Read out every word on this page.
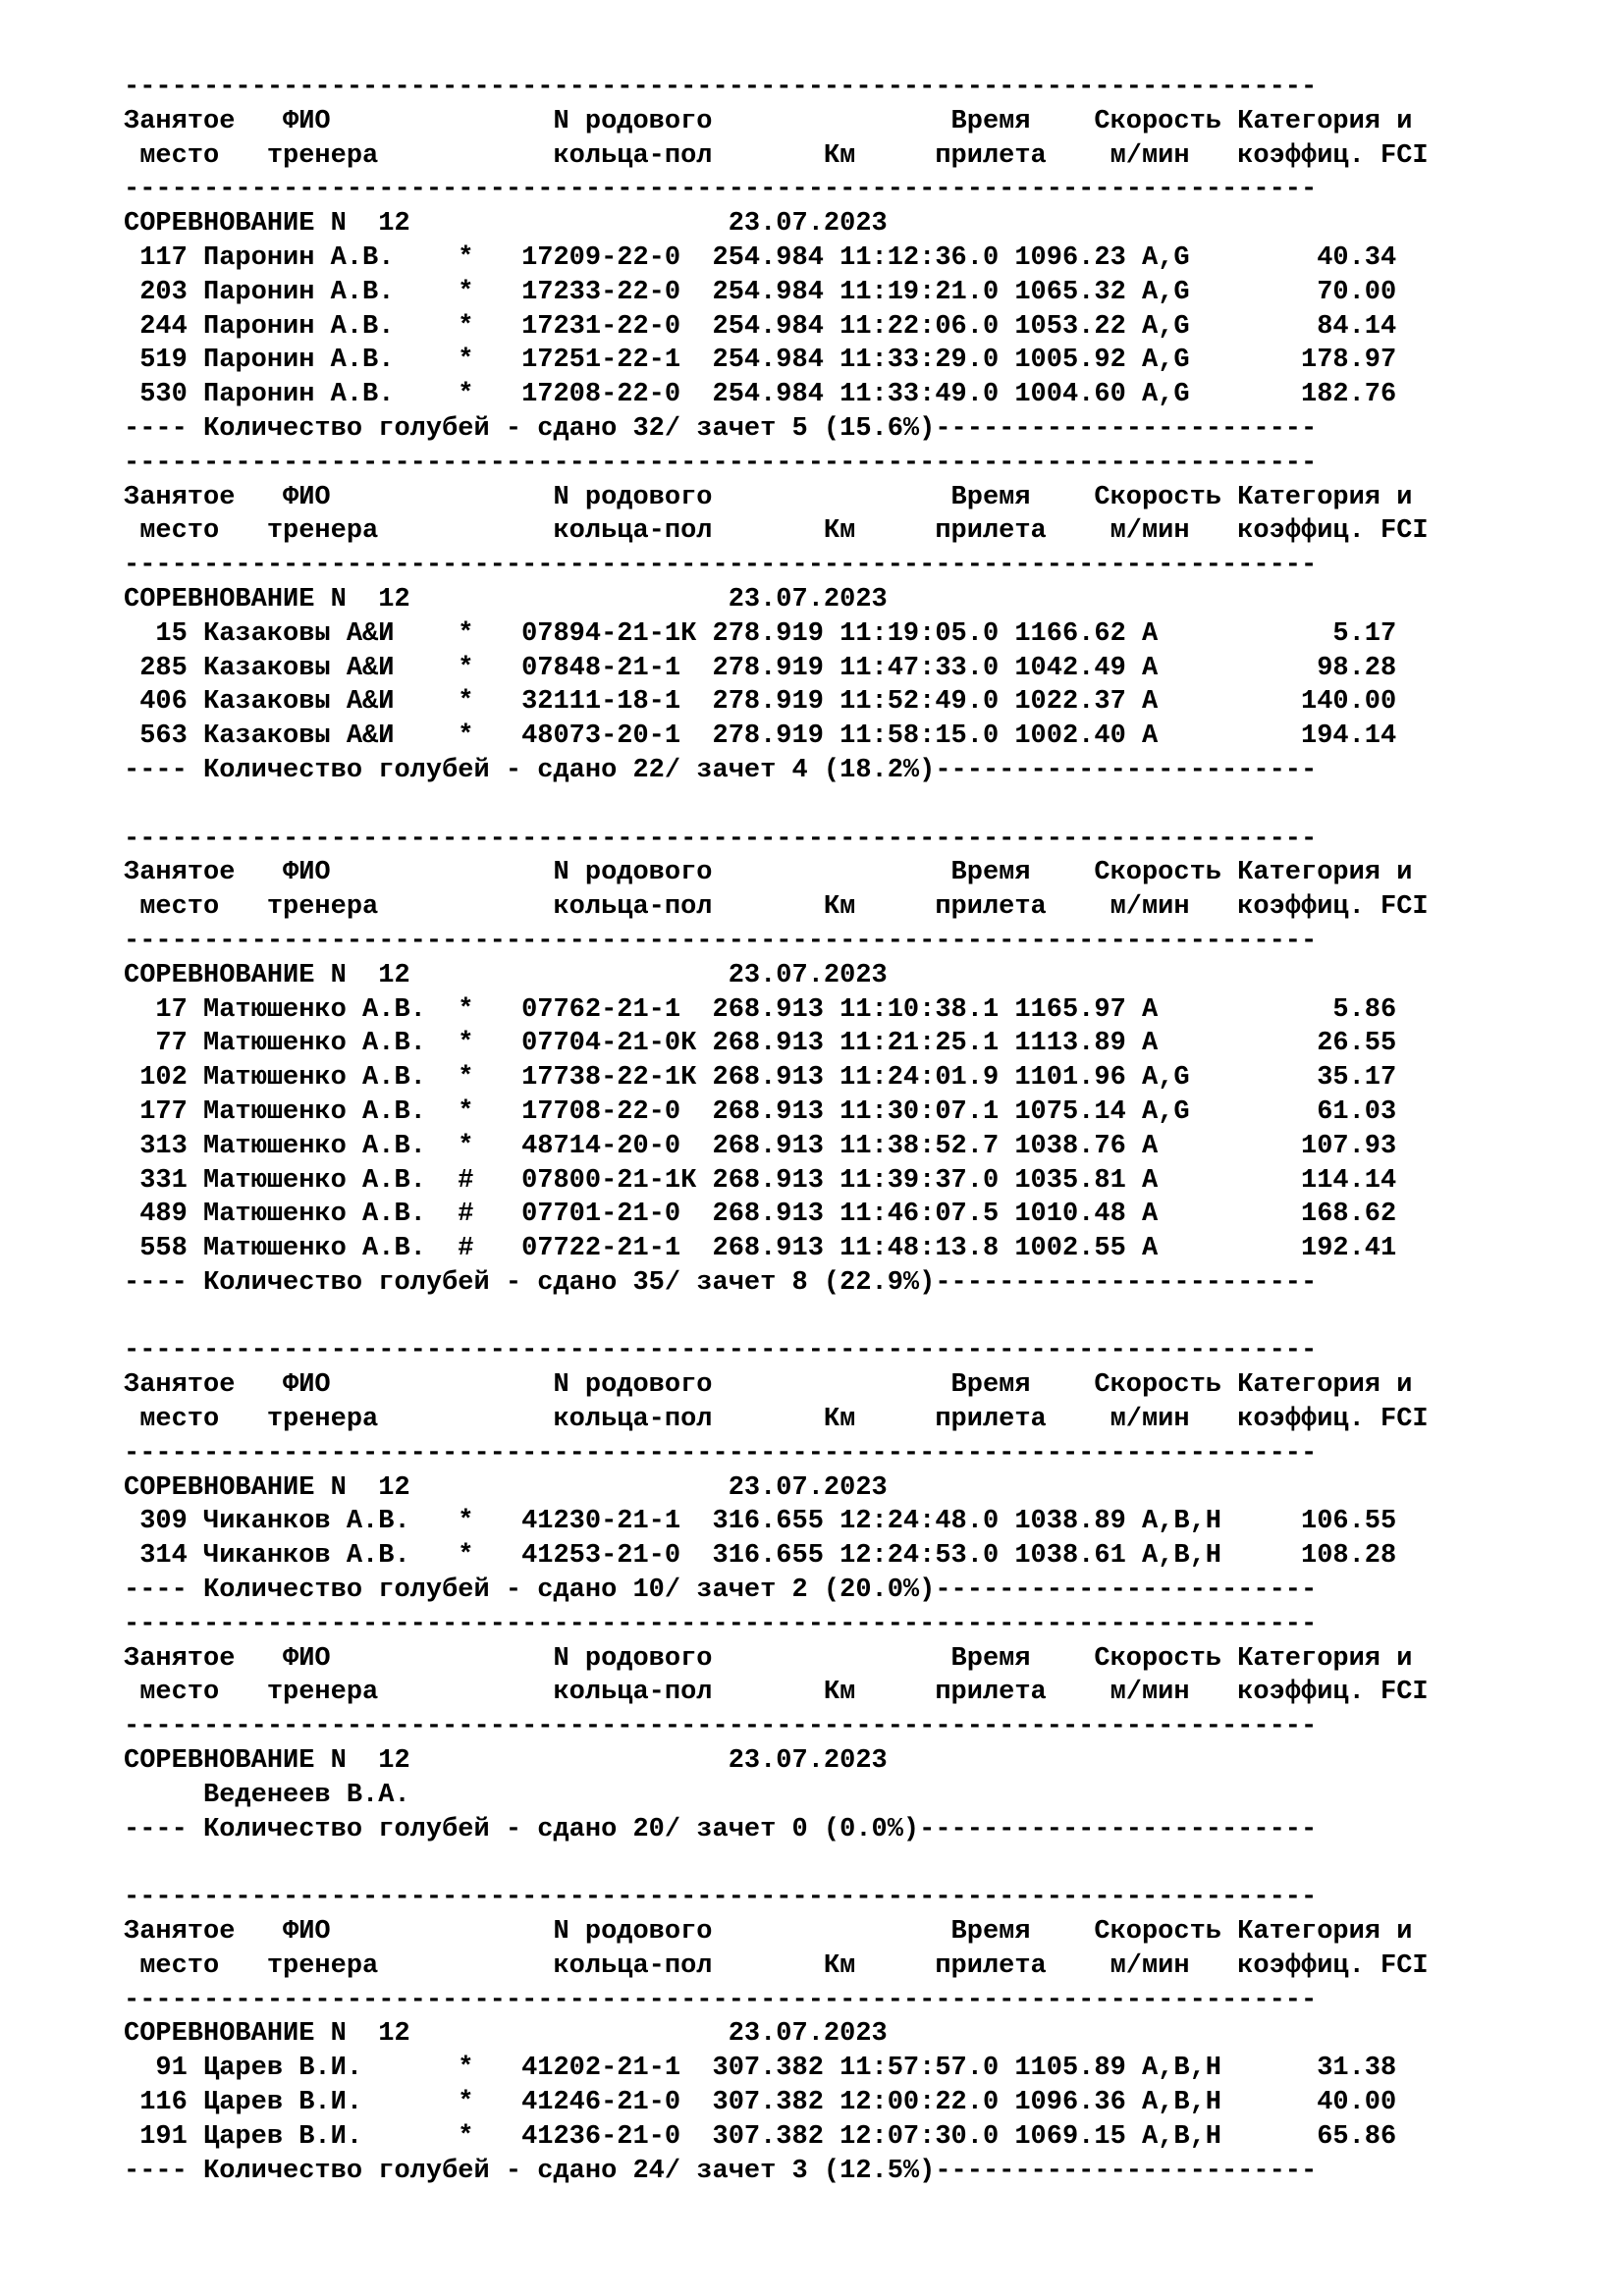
---------------------------------------------------------------------------
Занятое   ФИО              N родового               Время    Скорость Категория и
место   тренера           кольца-пол       Км     прилета    м/мин   коэффиц. FCI
---------------------------------------------------------------------------
СОРЕВНОВАНИЕ N  12                    23.07.2023
117 Паронин А.В.    *   17209-22-0  254.984 11:12:36.0 1096.23 A,G        40.34
203 Паронин А.В.    *   17233-22-0  254.984 11:19:21.0 1065.32 A,G        70.00
244 Паронин А.В.    *   17231-22-0  254.984 11:22:06.0 1053.22 A,G        84.14
519 Паронин А.В.    *   17251-22-1  254.984 11:33:29.0 1005.92 A,G       178.97
530 Паронин А.В.    *   17208-22-0  254.984 11:33:49.0 1004.60 A,G       182.76
---- Количество голубей - сдано 32/ зачет 5 (15.6%)------------------------
---------------------------------------------------------------------------
Занятое   ФИО              N родового               Время    Скорость Категория и
место   тренера           кольца-пол       Км     прилета    м/мин   коэффиц. FCI
---------------------------------------------------------------------------
СОРЕВНОВАНИЕ N  12                    23.07.2023
15 Казаковы А&И    *   07894-21-1К 278.919 11:19:05.0 1166.62 A           5.17
285 Казаковы А&И    *   07848-21-1  278.919 11:47:33.0 1042.49 A          98.28
406 Казаковы А&И    *   32111-18-1  278.919 11:52:49.0 1022.37 A         140.00
563 Казаковы А&И    *   48073-20-1  278.919 11:58:15.0 1002.40 A         194.14
---- Количество голубей - сдано 22/ зачет 4 (18.2%)------------------------

---------------------------------------------------------------------------
Занятое   ФИО              N родового               Время    Скорость Категория и
место   тренера           кольца-пол       Км     прилета    м/мин   коэффиц. FCI
---------------------------------------------------------------------------
СОРЕВНОВАНИЕ N  12                    23.07.2023
17 Матюшенко А.В.  *   07762-21-1  268.913 11:10:38.1 1165.97 A           5.86
77 Матюшенко А.В.  *   07704-21-0К 268.913 11:21:25.1 1113.89 A          26.55
102 Матюшенко А.В.  *   17738-22-1К 268.913 11:24:01.9 1101.96 A,G        35.17
177 Матюшенко А.В.  *   17708-22-0  268.913 11:30:07.1 1075.14 A,G        61.03
313 Матюшенко А.В.  *   48714-20-0  268.913 11:38:52.7 1038.76 A         107.93
331 Матюшенко А.В.  #   07800-21-1К 268.913 11:39:37.0 1035.81 A         114.14
489 Матюшенко А.В.  #   07701-21-0  268.913 11:46:07.5 1010.48 A         168.62
558 Матюшенко А.В.  #   07722-21-1  268.913 11:48:13.8 1002.55 A         192.41
---- Количество голубей - сдано 35/ зачет 8 (22.9%)------------------------

---------------------------------------------------------------------------
Занятое   ФИО              N родового               Время    Скорость Категория и
место   тренера           кольца-пол       Км     прилета    м/мин   коэффиц. FCI
---------------------------------------------------------------------------
СОРЕВНОВАНИЕ N  12                    23.07.2023
309 Чиканков А.В.   *   41230-21-1  316.655 12:24:48.0 1038.89 A,B,H     106.55
314 Чиканков А.В.   *   41253-21-0  316.655 12:24:53.0 1038.61 A,B,H     108.28
---- Количество голубей - сдано 10/ зачет 2 (20.0%)------------------------
---------------------------------------------------------------------------
Занятое   ФИО              N родового               Время    Скорость Категория и
место   тренера           кольца-пол       Км     прилета    м/мин   коэффиц. FCI
---------------------------------------------------------------------------
СОРЕВНОВАНИЕ N  12                    23.07.2023
Веденеев В.А.
---- Количество голубей - сдано 20/ зачет 0 (0.0%)-------------------------

---------------------------------------------------------------------------
Занятое   ФИО              N родового               Время    Скорость Категория и
место   тренера           кольца-пол       Км     прилета    м/мин   коэффиц. FCI
---------------------------------------------------------------------------
СОРЕВНОВАНИЕ N  12                    23.07.2023
91 Царев В.И.      *   41202-21-1  307.382 11:57:57.0 1105.89 A,B,H      31.38
116 Царев В.И.      *   41246-21-0  307.382 12:00:22.0 1096.36 A,B,H      40.00
191 Царев В.И.      *   41236-21-0  307.382 12:07:30.0 1069.15 A,B,H      65.86
---- Количество голубей - сдано 24/ зачет 3 (12.5%)------------------------
